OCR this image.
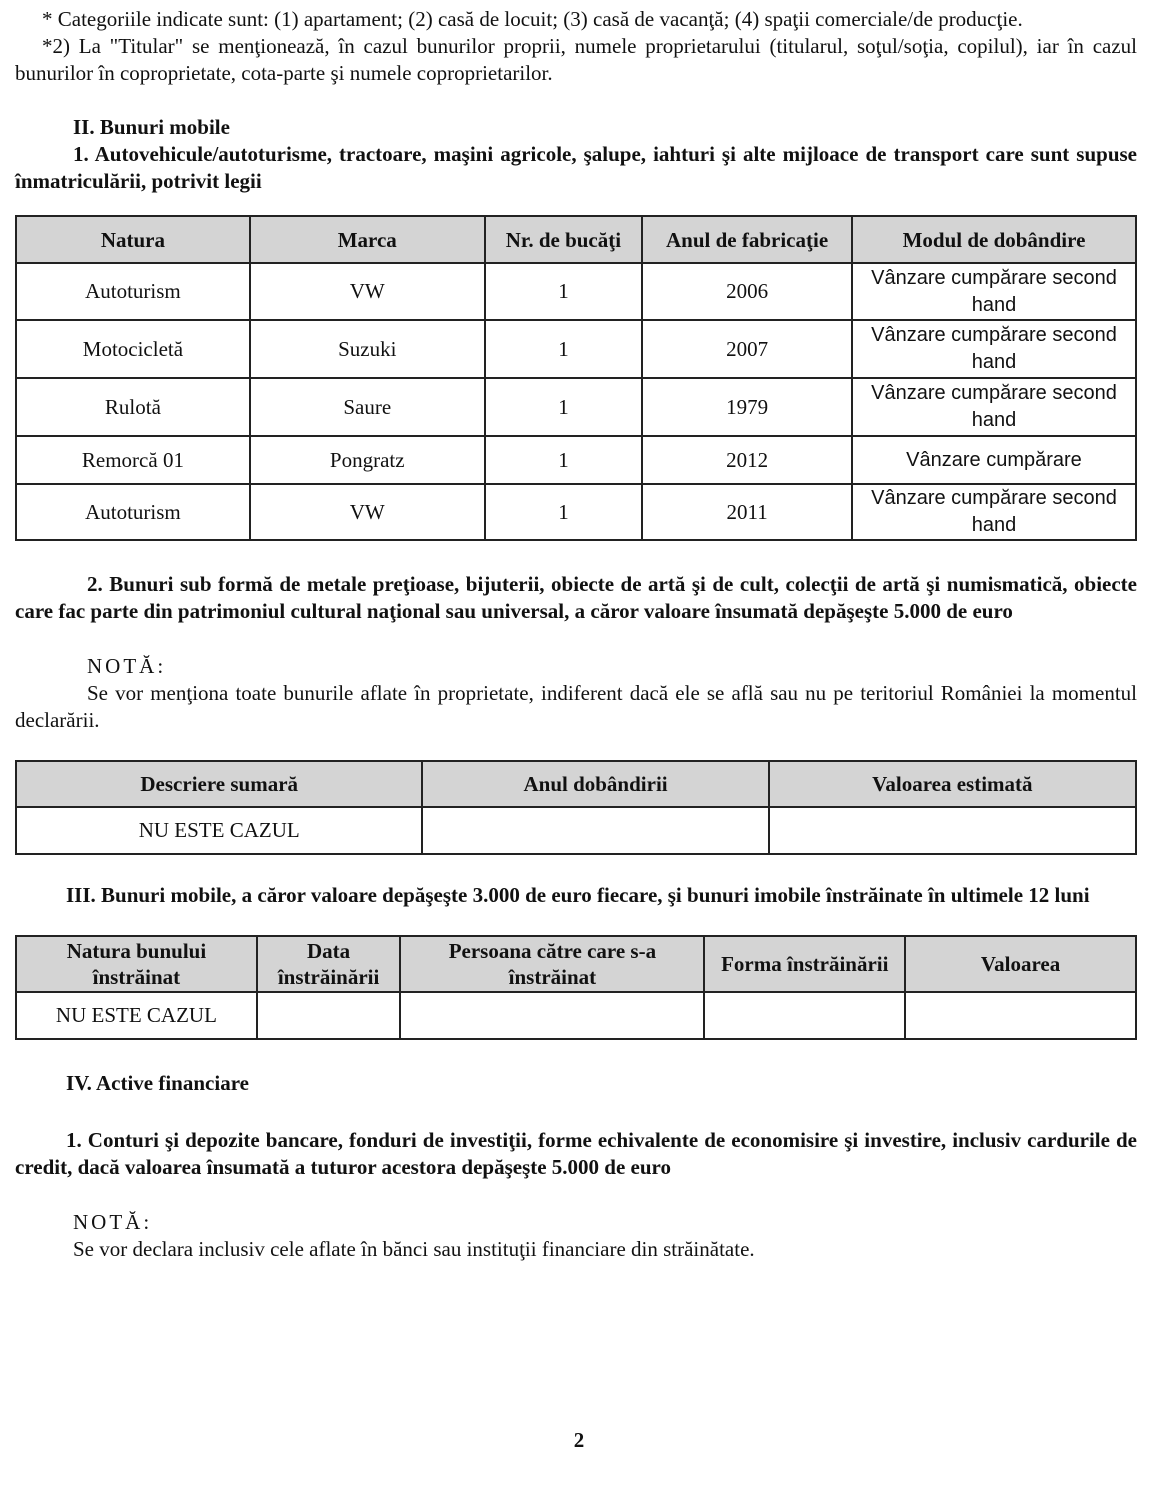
* Categoriile indicate sunt: (1) apartament; (2) casă de locuit; (3) casă de vacanţă; (4) spaţii comerciale/de producţie.

*2) La "Titular" se menţionează, în cazul bunurilor proprii, numele proprietarului (titularul, soţul/soţia, copilul), iar în cazul bunurilor în coproprietate, cota-parte şi numele coproprietarilor.

II. Bunuri mobile

1. Autovehicule/autoturisme, tractoare, maşini agricole, şalupe, iahturi şi alte mijloace de transport care sunt supuse înmatriculării, potrivit legii

Natura	Marca	Nr. de bucăţi	Anul de fabricaţie	Modul de dobândire
Autoturism	VW	1	2006	Vânzare cumpărare second hand
Motocicletă	Suzuki	1	2007	Vânzare cumpărare second hand
Rulotă	Saure	1	1979	Vânzare cumpărare second hand
Remorcă 01	Pongratz	1	2012	Vânzare cumpărare
Autoturism	VW	1	2011	Vânzare cumpărare second hand

2. Bunuri sub formă de metale preţioase, bijuterii, obiecte de artă şi de cult, colecţii de artă şi numismatică, obiecte care fac parte din patrimoniul cultural naţional sau universal, a căror valoare însumată depăşeşte 5.000 de euro

NOTĂ:

Se vor menţiona toate bunurile aflate în proprietate, indiferent dacă ele se află sau nu pe teritoriul României la momentul declarării.

Descriere sumară	Anul dobândirii	Valoarea estimată
NU ESTE CAZUL		

III. Bunuri mobile, a căror valoare depăşeşte 3.000 de euro fiecare, şi bunuri imobile înstrăinate în ultimele 12 luni

Natura bunului înstrăinat	Data înstrăinării	Persoana către care s-a înstrăinat	Forma înstrăinării	Valoarea
NU ESTE CAZUL				

IV. Active financiare

1. Conturi şi depozite bancare, fonduri de investiţii, forme echivalente de economisire şi investire, inclusiv cardurile de credit, dacă valoarea însumată a tuturor acestora depăşeşte 5.000 de euro

NOTĂ:

Se vor declara inclusiv cele aflate în bănci sau instituţii financiare din străinătate.

2
